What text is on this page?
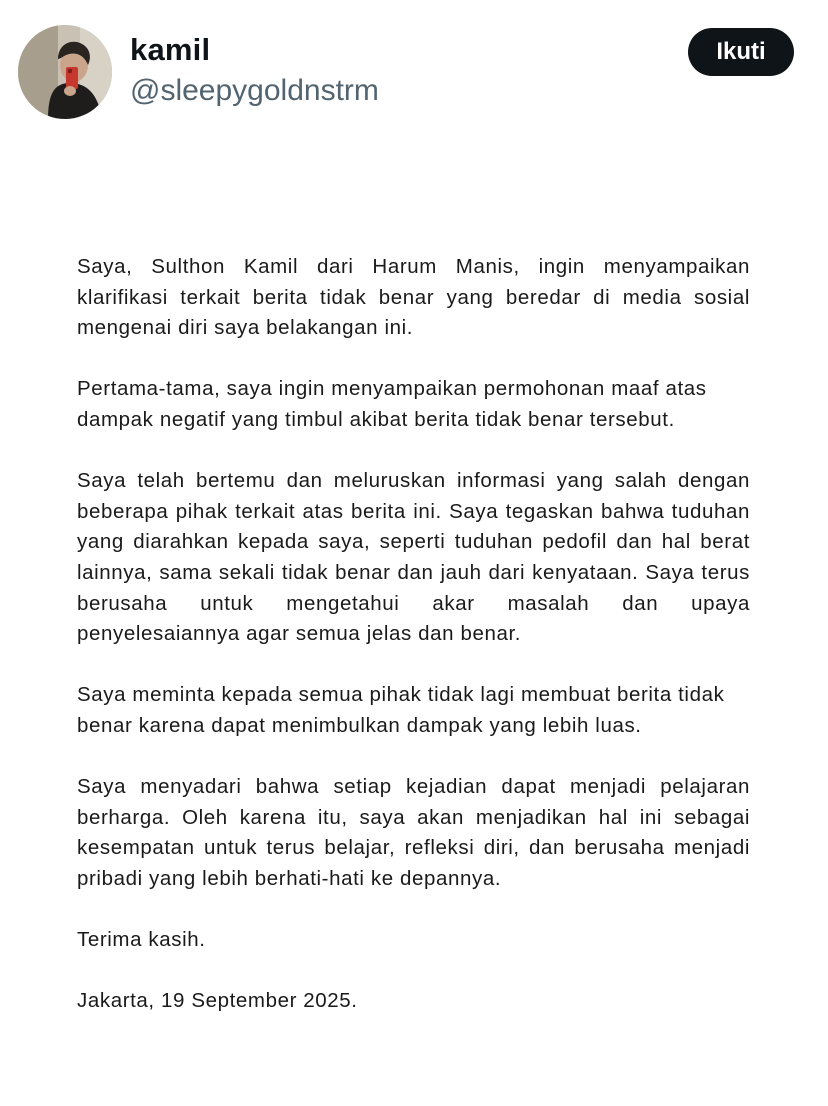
kamil
@sleepygoldnstrm
Ikuti

Saya, Sulthon Kamil dari Harum Manis, ingin menyampaikan klarifikasi terkait berita tidak benar yang beredar di media sosial mengenai diri saya belakangan ini.

Pertama-tama, saya ingin menyampaikan permohonan maaf atas dampak negatif yang timbul akibat berita tidak benar tersebut.

Saya telah bertemu dan meluruskan informasi yang salah dengan beberapa pihak terkait atas berita ini. Saya tegaskan bahwa tuduhan yang diarahkan kepada saya, seperti tuduhan pedofil dan hal berat lainnya, sama sekali tidak benar dan jauh dari kenyataan. Saya terus berusaha untuk mengetahui akar masalah dan upaya penyelesaiannya agar semua jelas dan benar.

Saya meminta kepada semua pihak tidak lagi membuat berita tidak benar karena dapat menimbulkan dampak yang lebih luas.

Saya menyadari bahwa setiap kejadian dapat menjadi pelajaran berharga. Oleh karena itu, saya akan menjadikan hal ini sebagai kesempatan untuk terus belajar, refleksi diri, dan berusaha menjadi pribadi yang lebih berhati-hati ke depannya.

Terima kasih.

Jakarta, 19 September 2025.
